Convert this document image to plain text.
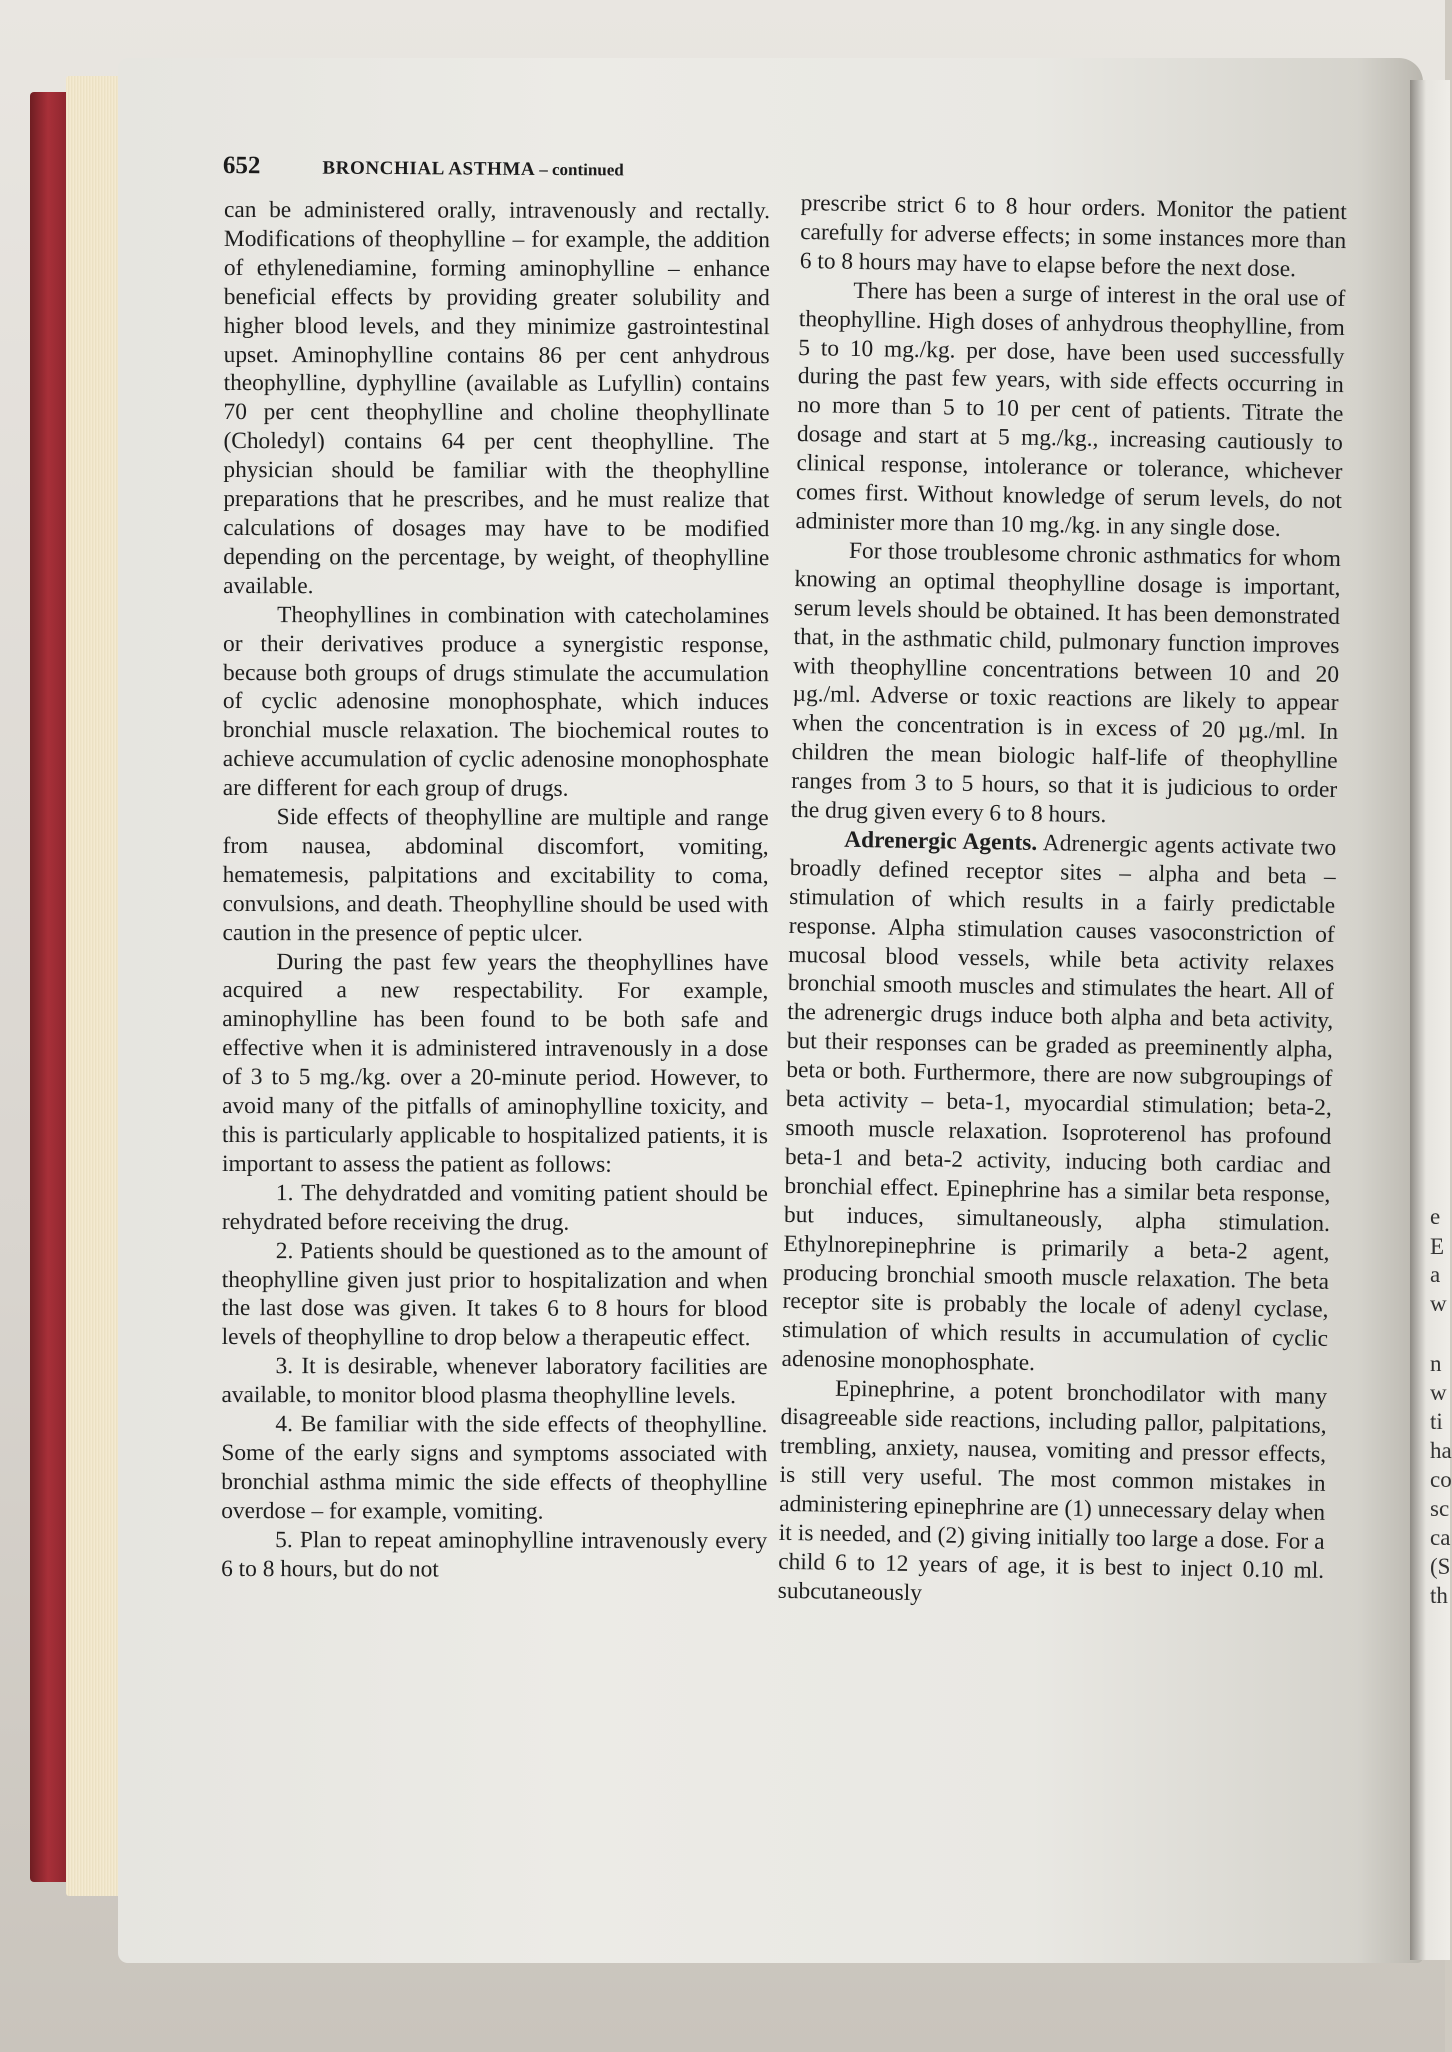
e
E
a
w
n
w
ti
ha
co
sc
ca
(S
th
652	BRONCHIAL ASTHMA – continued

can be administered orally, intravenously and rectally. Modifications of theophylline – for example, the addition of ethylenediamine, forming aminophylline – enhance beneficial effects by providing greater solubility and higher blood levels, and they minimize gastrointestinal upset. Aminophylline contains 86 per cent anhydrous theophylline, dyphylline (available as Lufyllin) contains 70 per cent theophylline and choline theophyllinate (Choledyl) contains 64 per cent theophylline. The physician should be familiar with the theophylline preparations that he prescribes, and he must realize that calculations of dosages may have to be modified depending on the percentage, by weight, of theophylline available.

Theophyllines in combination with catecholamines or their derivatives produce a synergistic response, because both groups of drugs stimulate the accumulation of cyclic adenosine monophosphate, which induces bronchial muscle relaxation. The biochemical routes to achieve accumulation of cyclic adenosine monophosphate are different for each group of drugs.

Side effects of theophylline are multiple and range from nausea, abdominal discomfort, vomiting, hematemesis, palpitations and excitability to coma, convulsions, and death. Theophylline should be used with caution in the presence of peptic ulcer.

During the past few years the theophyllines have acquired a new respectability. For example, aminophylline has been found to be both safe and effective when it is administered intravenously in a dose of 3 to 5 mg./kg. over a 20-minute period. However, to avoid many of the pitfalls of aminophylline toxicity, and this is particularly applicable to hospitalized patients, it is important to assess the patient as follows:

1. The dehydratded and vomiting patient should be rehydrated before receiving the drug.

2. Patients should be questioned as to the amount of theophylline given just prior to hospitalization and when the last dose was given. It takes 6 to 8 hours for blood levels of theophylline to drop below a therapeutic effect.

3. It is desirable, whenever laboratory facilities are available, to monitor blood plasma theophylline levels.

4. Be familiar with the side effects of theophylline. Some of the early signs and symptoms associated with bronchial asthma mimic the side effects of theophylline overdose – for example, vomiting.

5. Plan to repeat aminophylline intravenously every 6 to 8 hours, but do not

prescribe strict 6 to 8 hour orders. Monitor the patient carefully for adverse effects; in some instances more than 6 to 8 hours may have to elapse before the next dose.

There has been a surge of interest in the oral use of theophylline. High doses of anhydrous theophylline, from 5 to 10 mg./kg. per dose, have been used successfully during the past few years, with side effects occurring in no more than 5 to 10 per cent of patients. Titrate the dosage and start at 5 mg./kg., increasing cautiously to clinical response, intolerance or tolerance, whichever comes first. Without knowledge of serum levels, do not administer more than 10 mg./kg. in any single dose.

For those troublesome chronic asthmatics for whom knowing an optimal theophylline dosage is important, serum levels should be obtained. It has been demonstrated that, in the asthmatic child, pulmonary function improves with theophylline concentrations between 10 and 20 µg./ml. Adverse or toxic reactions are likely to appear when the concentration is in excess of 20 µg./ml. In children the mean biologic half-life of theophylline ranges from 3 to 5 hours, so that it is judicious to order the drug given every 6 to 8 hours.

Adrenergic Agents. Adrenergic agents activate two broadly defined receptor sites – alpha and beta – stimulation of which results in a fairly predictable response. Alpha stimulation causes vasoconstriction of mucosal blood vessels, while beta activity relaxes bronchial smooth muscles and stimulates the heart. All of the adrenergic drugs induce both alpha and beta activity, but their responses can be graded as preeminently alpha, beta or both. Furthermore, there are now subgroupings of beta activity – beta-1, myocardial stimulation; beta-2, smooth muscle relaxation. Isoproterenol has profound beta-1 and beta-2 activity, inducing both cardiac and bronchial effect. Epinephrine has a similar beta response, but induces, simultaneously, alpha stimulation. Ethylnorepinephrine is primarily a beta-2 agent, producing bronchial smooth muscle relaxation. The beta receptor site is probably the locale of adenyl cyclase, stimulation of which results in accumulation of cyclic adenosine monophosphate.

Epinephrine, a potent bronchodilator with many disagreeable side reactions, including pallor, palpitations, trembling, anxiety, nausea, vomiting and pressor effects, is still very useful. The most common mistakes in administering epinephrine are (1) unnecessary delay when it is needed, and (2) giving initially too large a dose. For a child 6 to 12 years of age, it is best to inject 0.10 ml. subcutaneously
